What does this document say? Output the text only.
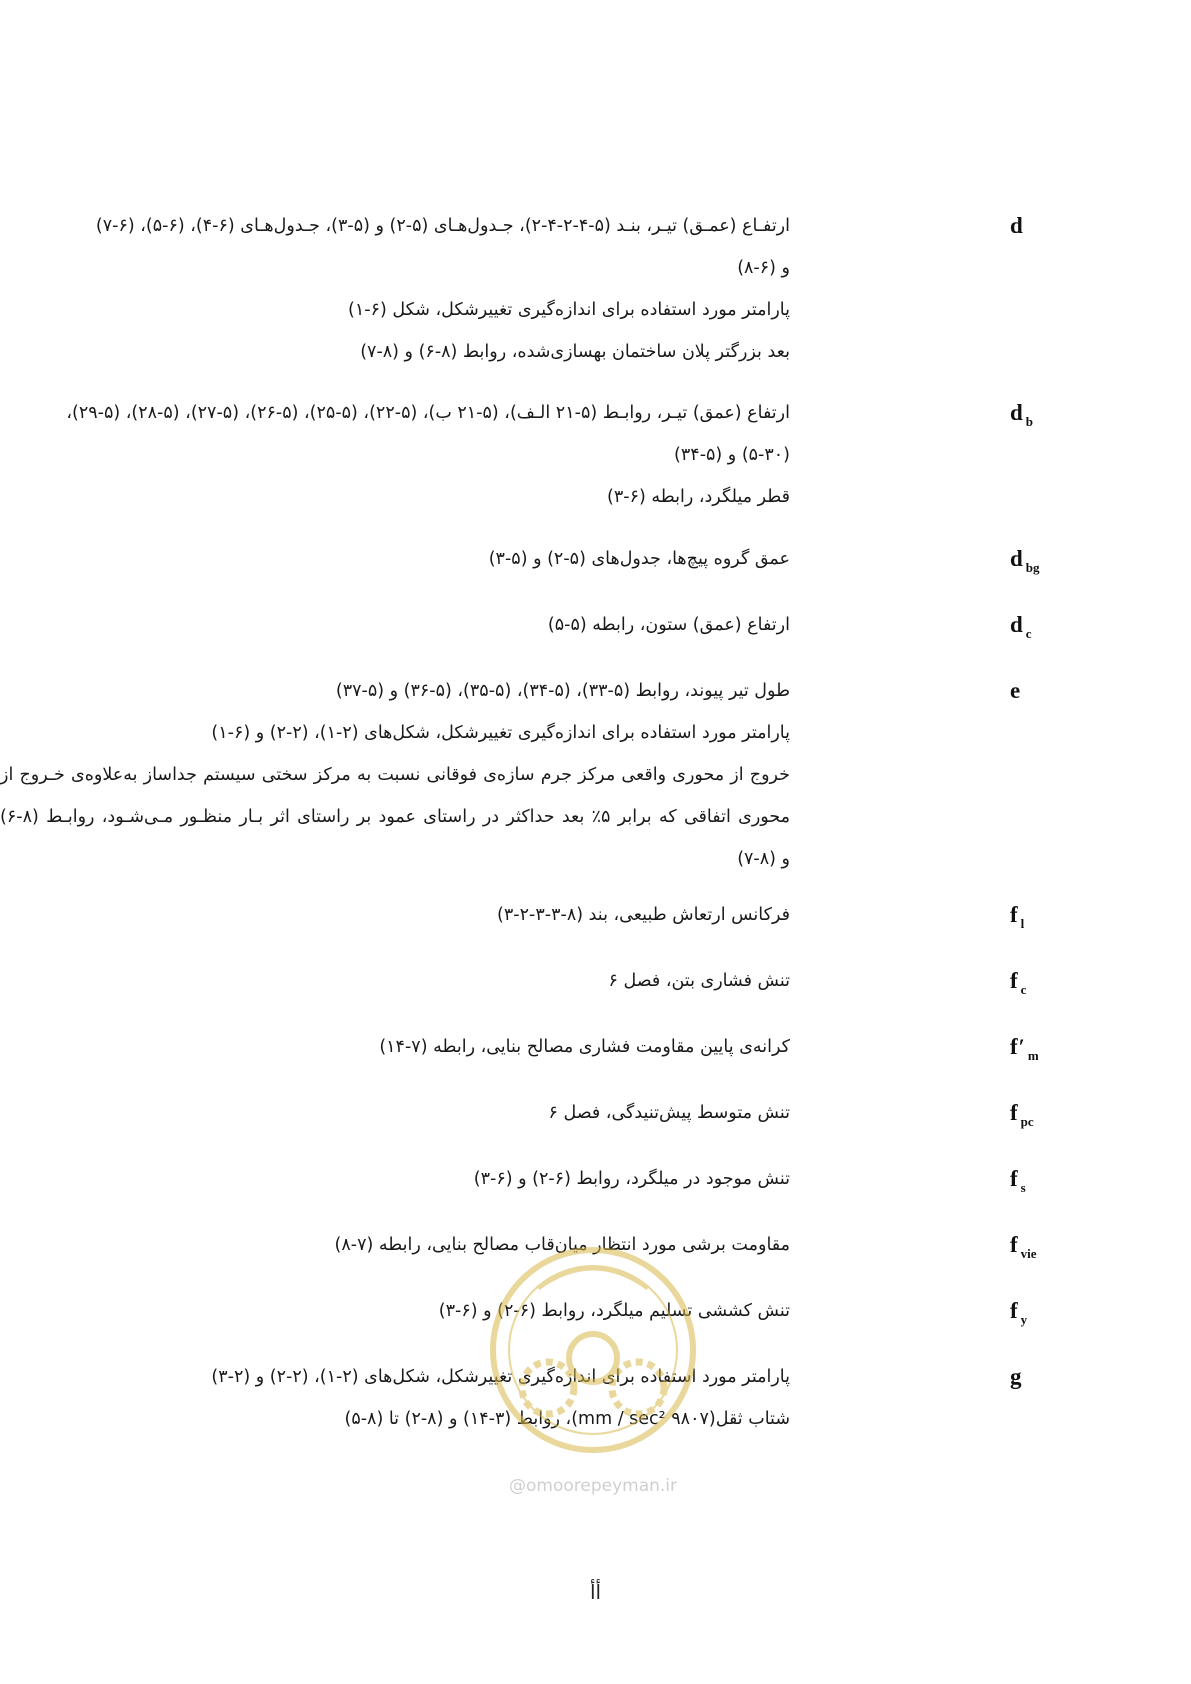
d
ارتفـاع (عمـق) تیـر، بنـد (۵-۴-۲-۴-۲)، جـدول‌هـای (۵-۲) و (۵-۳)، جـدول‌هـای (۶-۴)، (۶-۵)، (۶-۷)
و (۶-۸)
پارامتر مورد استفاده برای اندازه‌گیری تغییرشکل، شکل (۶-۱)
بعد بزرگتر پلان ساختمان بهسازی‌شده، روابط (۸-۶) و (۸-۷)
d $_b$
ارتفاع (عمق) تیـر، روابـط (۵-۲۱ الـف)، (۵-۲۱ ب)، (۵-۲۲)، (۵-۲۵)، (۵-۲۶)، (۵-۲۷)، (۵-۲۸)، (۵-۲۹)،
(۵-۳۰) و (۵-۳۴)
قطر میلگرد، رابطه (۶-۳)
d $_{bg}$
عمق گروه پیچ‌ها، جدول‌های (۵-۲) و (۵-۳)
d $_c$
ارتفاع (عمق) ستون، رابطه (۵-۵)
e
طول تیر پیوند، روابط (۵-۳۳)، (۵-۳۴)، (۵-۳۵)، (۵-۳۶) و (۵-۳۷)
پارامتر مورد استفاده برای اندازه‌گیری تغییرشکل، شکل‌های (۲-۱)، (۲-۲) و (۶-۱)
خروج از محوری واقعی مرکز جرم سازه‌ی فوقانی نسبت به مرکز سختی سیستم جداساز به‌علاوه‌ی خـروج از
محوری اتفاقی که برابر ۵٪ بعد حداکثر در راستای عمود بر راستای اثر بـار منظـور مـی‌شـود، روابـط (۸-۶)
و (۸-۷)
f $_l$
فرکانس ارتعاش طبیعی، بند (۸-۳-۳-۲-۳)
f $_c$
تنش فشاری بتن، فصل ۶
f′ $_m$
کرانه‌ی پایین مقاومت فشاری مصالح بنایی، رابطه (۷-۱۴)
f $_{pc}$
تنش متوسط پیش‌تنیدگی، فصل ۶
f $_s$
تنش موجود در میلگرد، روابط (۶-۲) و (۶-۳)
f $_{vie}$
مقاومت برشی مورد انتظار میان‌قاب مصالح بنایی، رابطه (۷-۸)
f $_y$
تنش کششی تسلیم میلگرد، روابط (۶-۲) و (۶-۳)
g
پارامتر مورد استفاده برای اندازه‌گیری تغییرشکل، شکل‌های (۲-۱)، (۲-۲) و (۲-۳)
شتاب ثقل(۹۸۰۷ mm / sec²)، روابط (۳-۱۴) و (۸-۲) تا (۸-۵)
@omoorepeyman.ir
أأ
